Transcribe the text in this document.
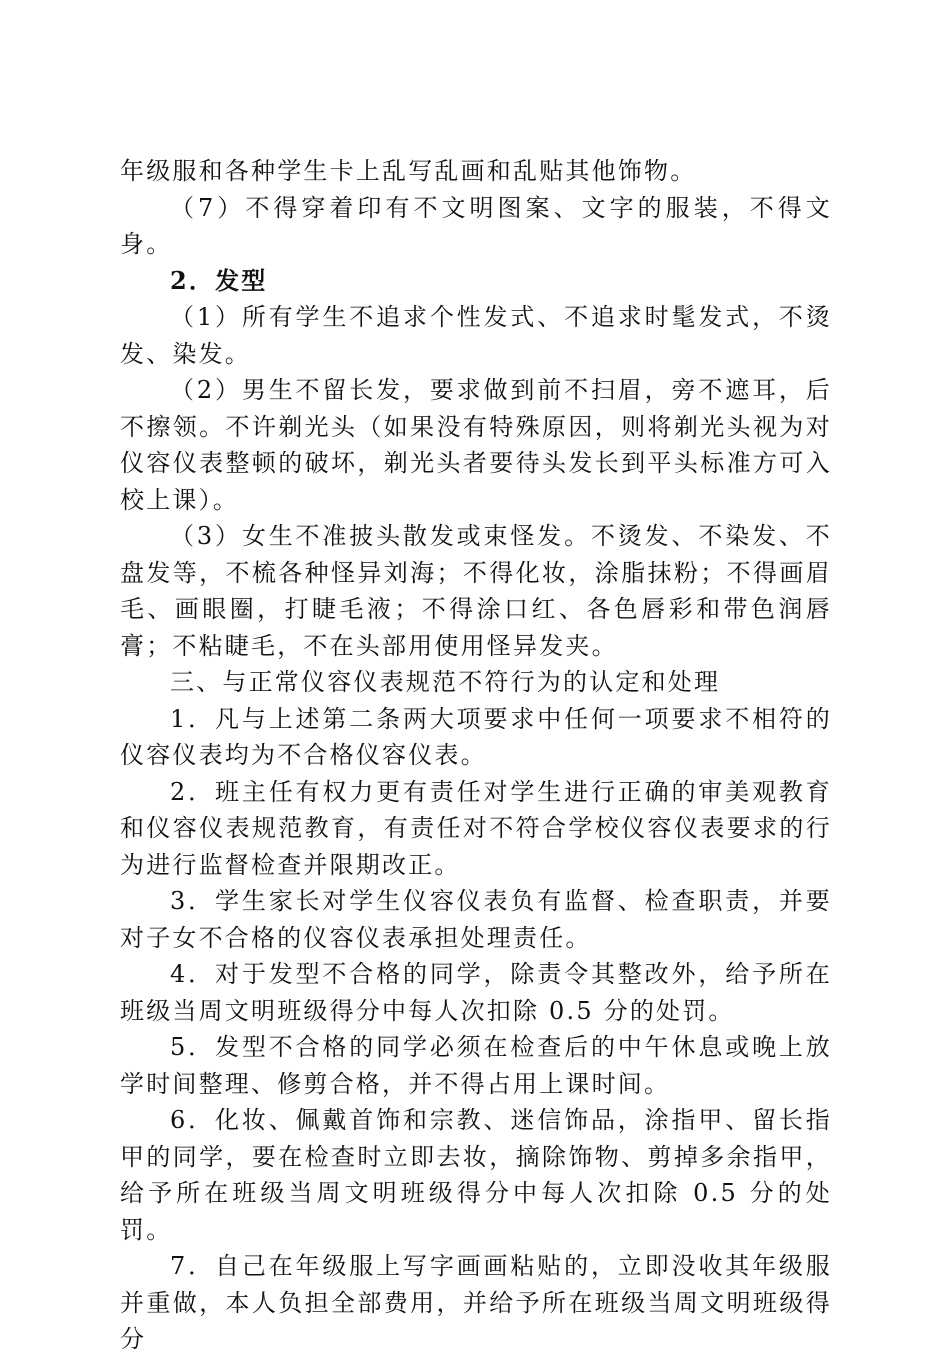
年级服和各种学生卡上乱写乱画和乱贴其他饰物。

（7）不得穿着印有不文明图案、文字的服装，不得文身。

2．发型

（1）所有学生不追求个性发式、不追求时髦发式，不烫发、染发。

（2）男生不留长发，要求做到前不扫眉，旁不遮耳，后不擦领。不许剃光头（如果没有特殊原因，则将剃光头视为对仪容仪表整顿的破坏，剃光头者要待头发长到平头标准方可入校上课）。

（3）女生不准披头散发或束怪发。不烫发、不染发、不盘发等，不梳各种怪异刘海；不得化妆，涂脂抹粉；不得画眉毛、画眼圈，打睫毛液；不得涂口红、各色唇彩和带色润唇膏；不粘睫毛，不在头部用使用怪异发夹。

三、与正常仪容仪表规范不符行为的认定和处理

1．凡与上述第二条两大项要求中任何一项要求不相符的仪容仪表均为不合格仪容仪表。

2．班主任有权力更有责任对学生进行正确的审美观教育和仪容仪表规范教育，有责任对不符合学校仪容仪表要求的行为进行监督检查并限期改正。

3．学生家长对学生仪容仪表负有监督、检查职责，并要对子女不合格的仪容仪表承担处理责任。

4．对于发型不合格的同学，除责令其整改外，给予所在班级当周文明班级得分中每人次扣除 0.5 分的处罚。

5．发型不合格的同学必须在检查后的中午休息或晚上放学时间整理、修剪合格，并不得占用上课时间。

6．化妆、佩戴首饰和宗教、迷信饰品，涂指甲、留长指甲的同学，要在检查时立即去妆，摘除饰物、剪掉多余指甲，给予所在班级当周文明班级得分中每人次扣除 0.5 分的处罚。

7．自己在年级服上写字画画粘贴的，立即没收其年级服并重做，本人负担全部费用，并给予所在班级当周文明班级得分
